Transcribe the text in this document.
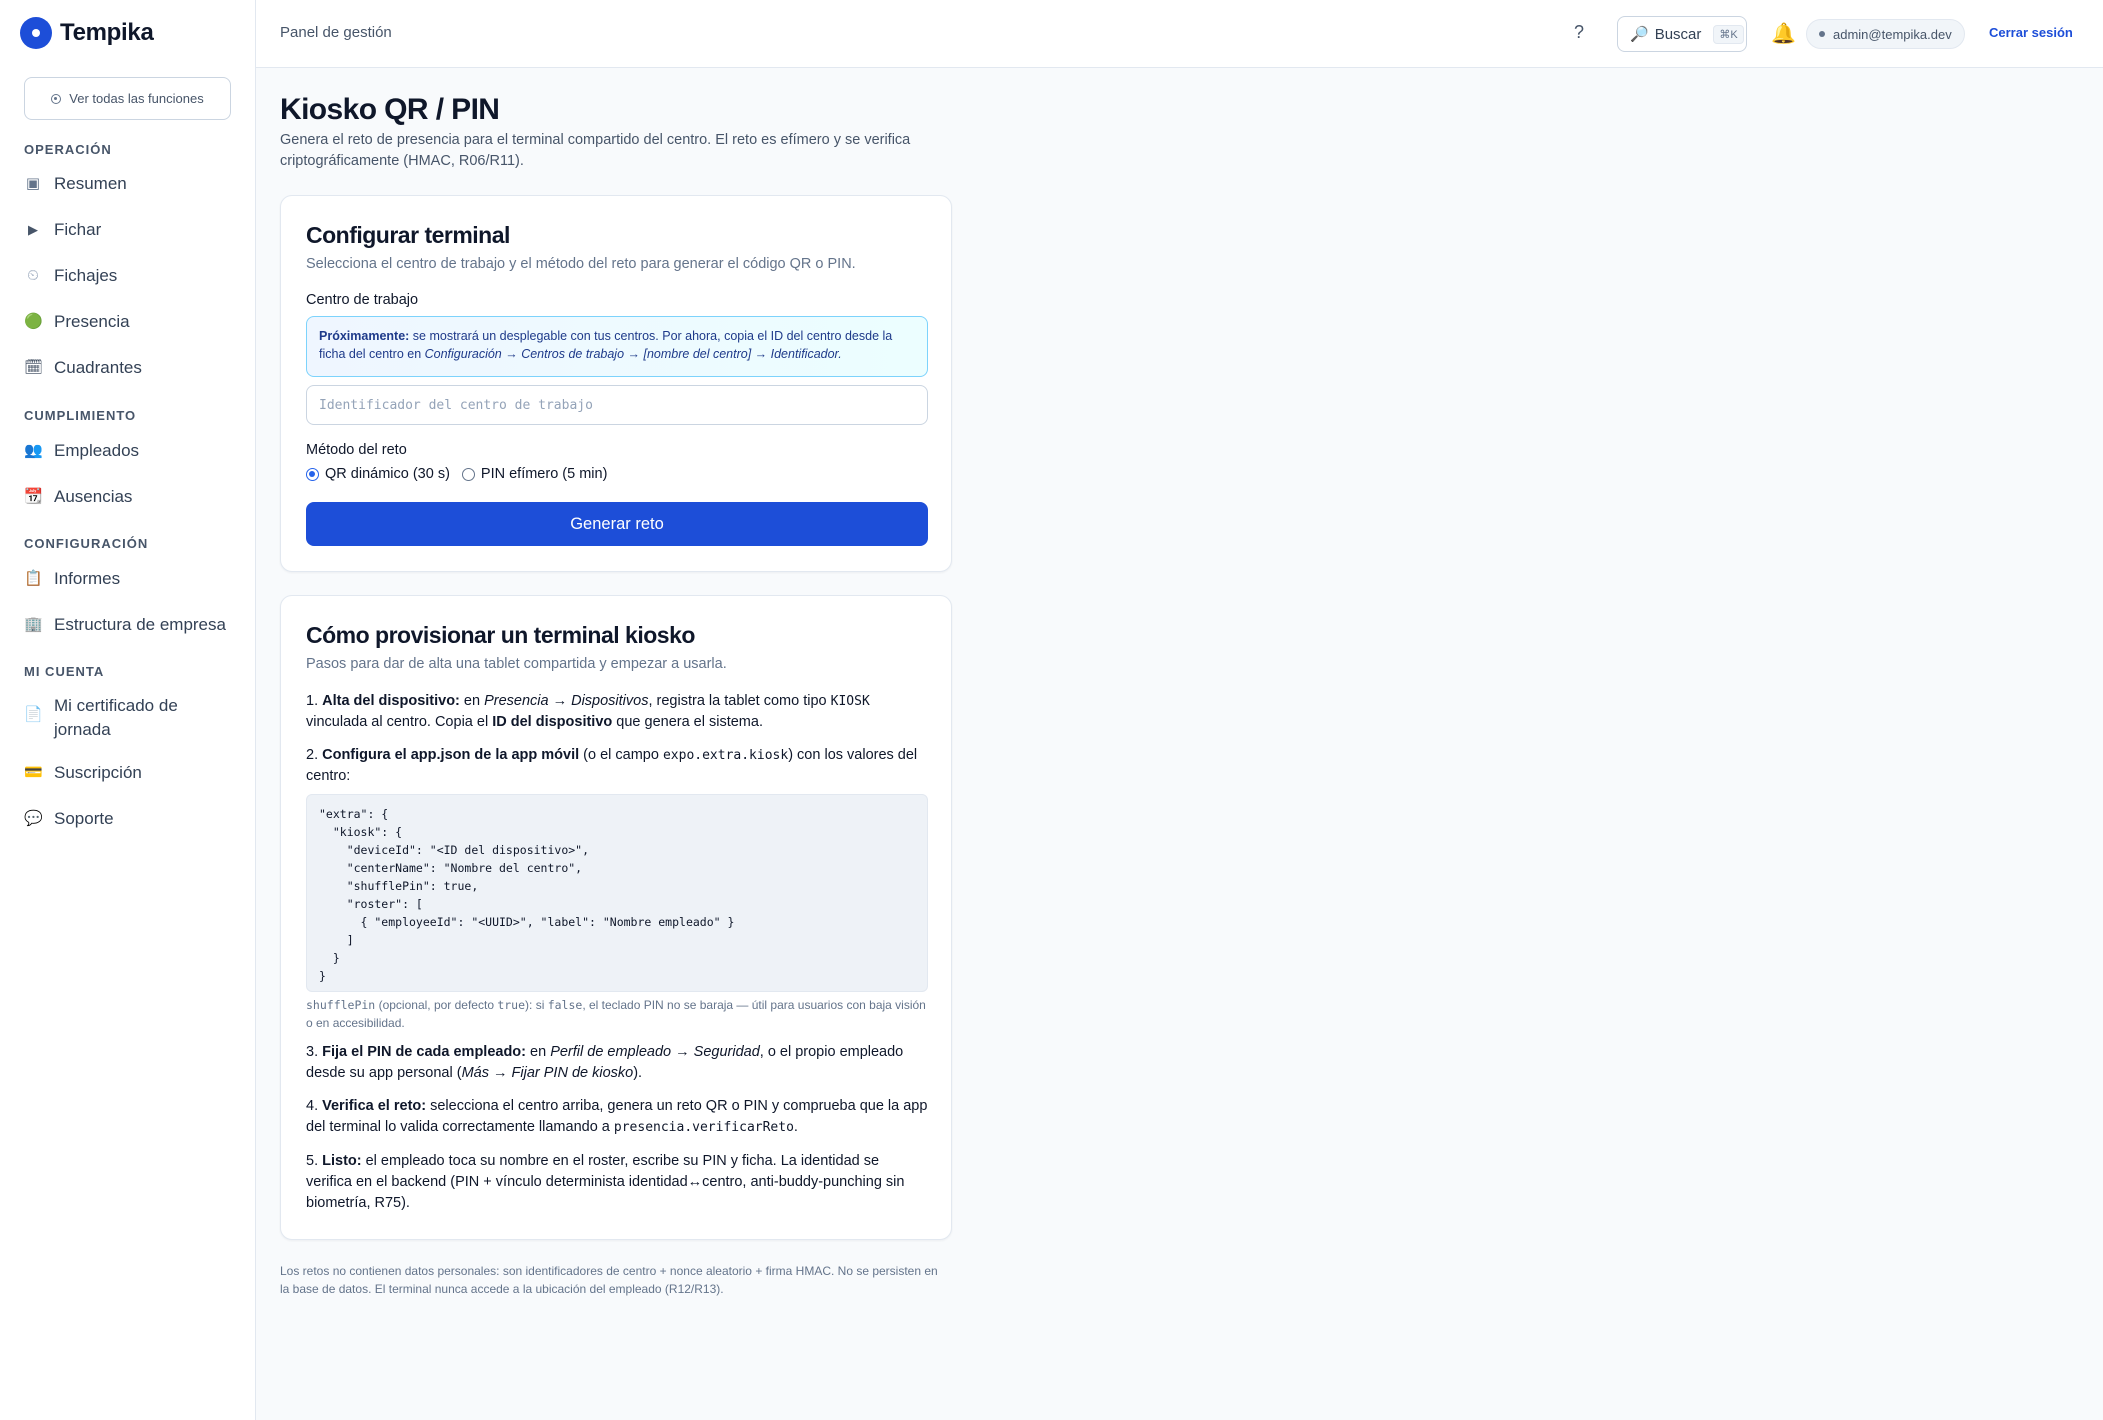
Tempika
Ver todas las funciones
OPERACIÓN
▣ Resumen
▶ Fichar
⏲ Fichajes
🟢 Presencia
🗓 Cuadrantes
CUMPLIMIENTO
👥 Empleados
📆 Ausencias
CONFIGURACIÓN
📋 Informes
🏢 Estructura de empresa
MI CUENTA
📄 Mi certificado de
jornada
💳 Suscripción
💬 Soporte
Panel de gestión	?	🔎 Buscar	⌘K	🔔	admin@tempika.dev	Cerrar sesión
Kiosko QR / PIN

Genera el reto de presencia para el terminal compartido del centro. El reto es efímero y se verifica criptográficamente (HMAC, R06/R11).

Configurar terminal

Selecciona el centro de trabajo y el método del reto para generar el código QR o PIN.

Centro de trabajo
Próximamente: se mostrará un desplegable con tus centros. Por ahora, copia el ID del centro desde la ficha del centro en Configuración → Centros de trabajo → [nombre del centro] → Identificador.
Identificador del centro de trabajo
Método del reto
QR dinámico (30 s) PIN efímero (5 min)
Generar reto
Cómo provisionar un terminal kiosko

Pasos para dar de alta una tablet compartida y empezar a usarla.

1. Alta del dispositivo: en Presencia → Dispositivos, registra la tablet como tipo KIOSK vinculada al centro. Copia el ID del dispositivo que genera el sistema.

2. Configura el app.json de la app móvil (o el campo expo.extra.kiosk) con los valores del centro:

"extra": {
"kiosk": {
"deviceId": "<ID del dispositivo>",
"centerName": "Nombre del centro",
"shufflePin": true,
"roster": [
{ "employeeId": "<UUID>", "label": "Nombre empleado" }
]
}
}

shufflePin (opcional, por defecto true): si false, el teclado PIN no se baraja — útil para usuarios con baja visión o en accesibilidad.

3. Fija el PIN de cada empleado: en Perfil de empleado → Seguridad, o el propio empleado desde su app personal (Más → Fijar PIN de kiosko).

4. Verifica el reto: selecciona el centro arriba, genera un reto QR o PIN y comprueba que la app del terminal lo valida correctamente llamando a presencia.verificarReto.

5. Listo: el empleado toca su nombre en el roster, escribe su PIN y ficha. La identidad se verifica en el backend (PIN + vínculo determinista identidad↔centro, anti-buddy-punching sin biometría, R75).

Los retos no contienen datos personales: son identificadores de centro + nonce aleatorio + firma HMAC. No se persisten en la base de datos. El terminal nunca accede a la ubicación del empleado (R12/R13).
